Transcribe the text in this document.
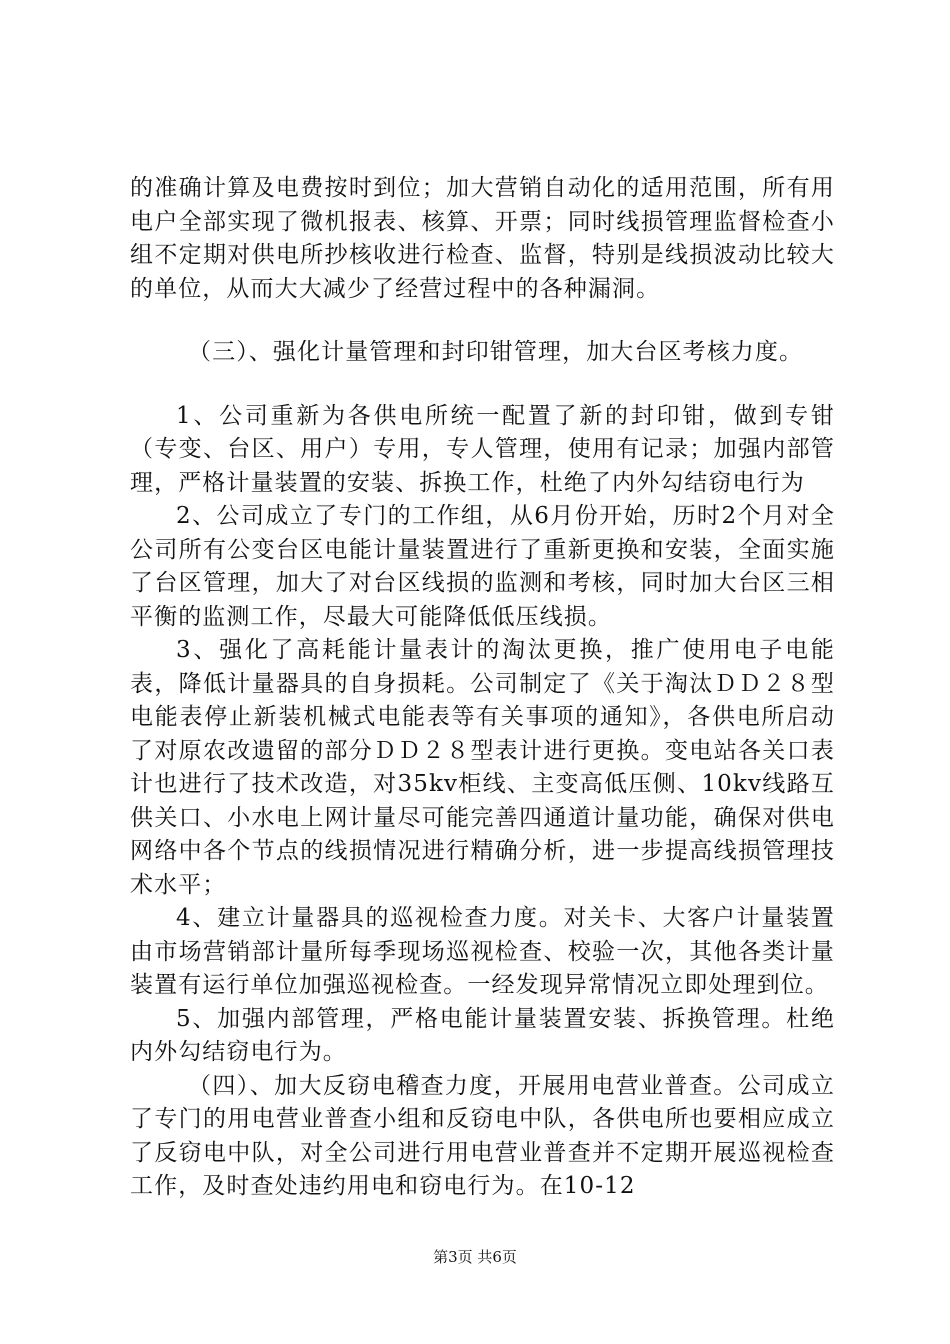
的准确计算及电费按时到位；加大营销自动化的适用范围，所有用电户全部实现了微机报表、核算、开票；同时线损管理监督检查小组不定期对供电所抄核收进行检查、监督，特别是线损波动比较大的单位，从而大大减少了经营过程中的各种漏洞。

（三）、强化计量管理和封印钳管理，加大台区考核力度。

1、公司重新为各供电所统一配置了新的封印钳，做到专钳（专变、台区、用户）专用，专人管理，使用有记录；加强内部管理，严格计量装置的安装、拆换工作，杜绝了内外勾结窃电行为

2、公司成立了专门的工作组，从6月份开始，历时2个月对全公司所有公变台区电能计量装置进行了重新更换和安装，全面实施了台区管理，加大了对台区线损的监测和考核，同时加大台区三相平衡的监测工作，尽最大可能降低低压线损。

3、强化了高耗能计量表计的淘汰更换，推广使用电子电能表，降低计量器具的自身损耗。公司制定了《关于淘汰ＤＤ２８型电能表停止新装机械式电能表等有关事项的通知》，各供电所启动了对原农改遗留的部分ＤＤ２８型表计进行更换。变电站各关口表计也进行了技术改造，对35kv柜线、主变高低压侧、10kv线路互供关口、小水电上网计量尽可能完善四通道计量功能，确保对供电网络中各个节点的线损情况进行精确分析，进一步提高线损管理技术水平；

4、建立计量器具的巡视检查力度。对关卡、大客户计量装置由市场营销部计量所每季现场巡视检查、校验一次，其他各类计量装置有运行单位加强巡视检查。一经发现异常情况立即处理到位。

5、加强内部管理，严格电能计量装置安装、拆换管理。杜绝内外勾结窃电行为。

（四）、加大反窃电稽查力度，开展用电营业普查。公司成立了专门的用电营业普查小组和反窃电中队，各供电所也要相应成立了反窃电中队，对全公司进行用电营业普查并不定期开展巡视检查工作，及时查处违约用电和窃电行为。在10-12

第3页 共6页
